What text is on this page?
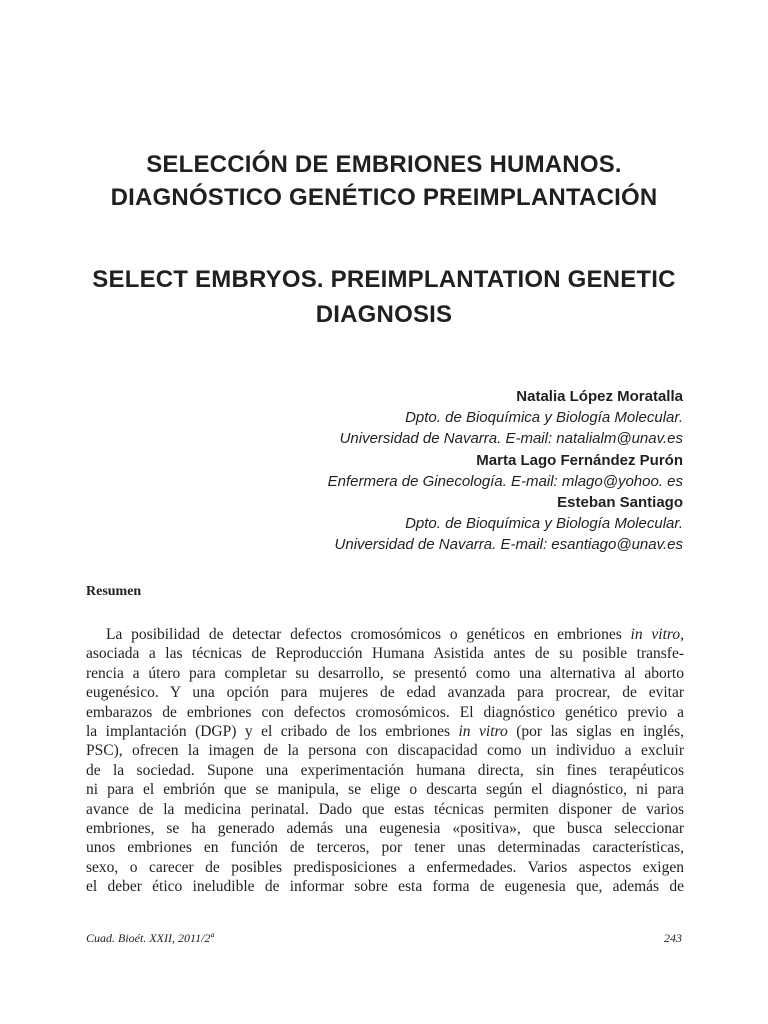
SELECCIÓN DE EMBRIONES HUMANOS.
DIAGNÓSTICO GENÉTICO PREIMPLANTACIÓN
SELECT EMBRYOS. PREIMPLANTATION GENETIC
DIAGNOSIS
Natalia López Moratalla
Dpto. de Bioquímica y Biología Molecular.
Universidad de Navarra. E-mail: natalialm@unav.es
Marta Lago Fernández Purón
Enfermera de Ginecología. E-mail: mlago@yohoo. es
Esteban Santiago
Dpto. de Bioquímica y Biología Molecular.
Universidad de Navarra. E-mail: esantiago@unav.es
Resumen
La posibilidad de detectar defectos cromosómicos o genéticos en embriones in vitro,
asociada a las técnicas de Reproducción Humana Asistida antes de su posible transfe-
rencia a útero para completar su desarrollo, se presentó como una alternativa al aborto
eugenésico. Y una opción para mujeres de edad avanzada para procrear, de evitar
embarazos de embriones con defectos cromosómicos. El diagnóstico genético previo a
la implantación (DGP) y el cribado de los embriones in vitro (por las siglas en inglés,
PSC), ofrecen la imagen de la persona con discapacidad como un individuo a excluir
de la sociedad. Supone una experimentación humana directa, sin fines terapéuticos
ni para el embrión que se manipula, se elige o descarta según el diagnóstico, ni para
avance de la medicina perinatal. Dado que estas técnicas permiten disponer de varios
embriones, se ha generado además una eugenesia «positiva», que busca seleccionar
unos embriones en función de terceros, por tener unas determinadas características,
sexo, o carecer de posibles predisposiciones a enfermedades. Varios aspectos exigen
el deber ético ineludible de informar sobre esta forma de eugenesia que, además de
Cuad. Bioét. XXII, 2011/2ª	243
